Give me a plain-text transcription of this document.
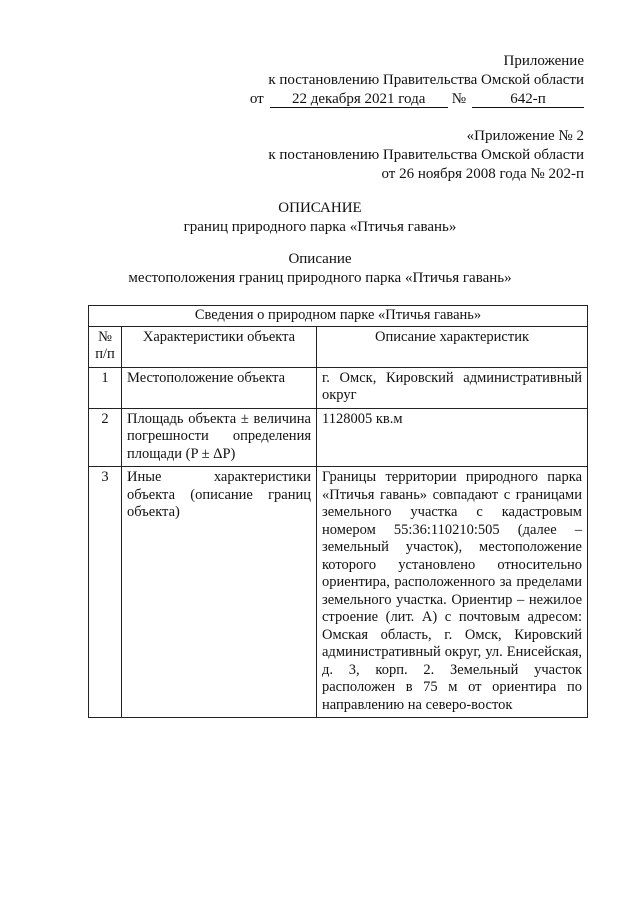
Приложение
к постановлению Правительства Омской области
от	22 декабря 2021 года	№	642-п
«Приложение № 2
к постановлению Правительства Омской области
от 26 ноября 2008 года № 202-п
ОПИСАНИЕ
границ природного парка «Птичья гавань»
Описание
местоположения границ природного парка «Птичья гавань»
Сведения о природном парке «Птичья гавань»		
№ п/п	Характеристики объекта	Описание характеристик
1	Местоположение объекта	г. Омск, Кировский административный округ
2	Площадь объекта ± величина погрешности определения площади (P ± ΔP)	1128005 кв.м
3	Иные характеристики объекта (описание границ объекта)	Границы территории природного парка «Птичья гавань» совпадают с границами земельного участка с кадастровым номером 55:36:110210:505 (далее – земельный участок), местоположение которого установлено относительно ориентира, расположенного за пределами земельного участка. Ориентир – нежилое строение (лит. А) с почтовым адресом: Омская область, г. Омск, Кировский административный округ, ул. Енисейская, д. 3, корп. 2. Земельный участок расположен в 75 м от ориентира по направлению на северо-восток
